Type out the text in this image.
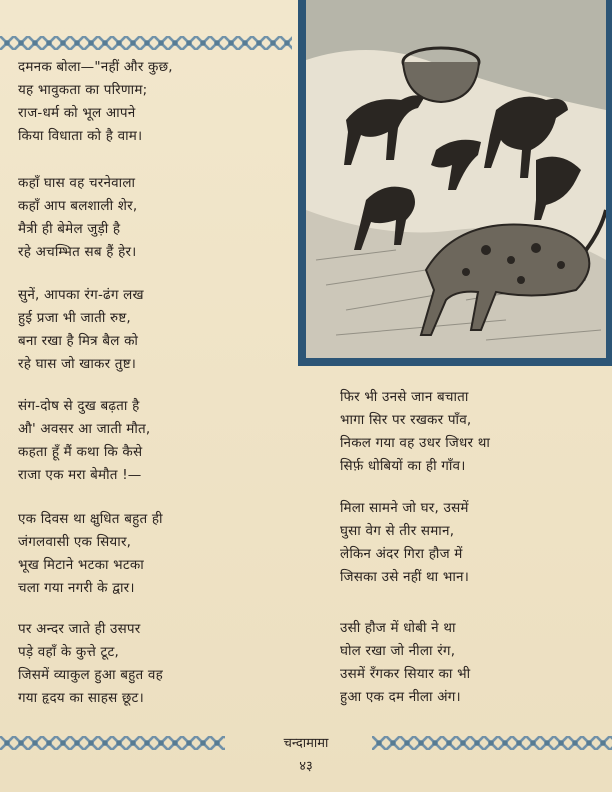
दमनक बोला—"नहीं और कुछ,
यह भावुकता का परिणाम;
राज-धर्म को भूल आपने
किया विधाता को है वाम।
कहाँ घास वह चरनेवाला
कहाँ आप बलशाली शेर,
मैत्री ही बेमेल जुड़ी है
रहे अचम्भित सब हैं हेर।
सुनें, आपका रंग-ढंग लख
हुई प्रजा भी जाती रुष्ट,
बना रखा है मित्र बैल को
रहे घास जो खाकर तुष्ट।
संग-दोष से दुख बढ़ता है
औ' अवसर आ जाती मौत,
कहता हूँ मैं कथा कि कैसे
राजा एक मरा बेमौत !—
एक दिवस था क्षुधित बहुत ही
जंगलवासी एक सियार,
भूख मिटाने भटका भटका
चला गया नगरी के द्वार।
पर अन्दर जाते ही उसपर
पड़े वहाँ के कुत्ते टूट,
जिसमें व्याकुल हुआ बहुत वह
गया हृदय का साहस छूट।
फिर भी उनसे जान बचाता
भागा सिर पर रखकर पाँव,
निकल गया वह उधर जिधर था
सिर्फ़ धोबियों का ही गाँव।
मिला सामने जो घर, उसमें
घुसा वेग से तीर समान,
लेकिन अंदर गिरा हौज में
जिसका उसे नहीं था भान।
उसी हौज में धोबी ने था
घोल रखा जो नीला रंग,
उसमें रँगकर सियार का भी
हुआ एक दम नीला अंग।
चन्दामामा
४३
